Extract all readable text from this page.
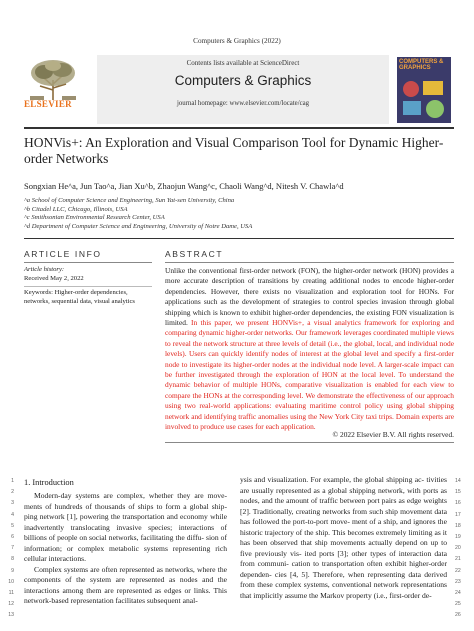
Computers & Graphics (2022)
ELSEVIER
Contents lists available at ScienceDirect
Computers & Graphics
journal homepage: www.elsevier.com/locate/cag
COMPUTERS & GRAPHICS
HONVis+: An Exploration and Visual Comparison Tool for Dynamic Higher-order Networks
Songxian He^a, Jun Tao^a, Jian Xu^b, Zhaojun Wang^c, Chaoli Wang^d, Nitesh V. Chawla^d
^a School of Computer Science and Engineering, Sun Yat-sen University, China
^b Citadel LLC, Chicago, Illinois, USA
^c Smithsonian Environmental Research Center, USA
^d Department of Computer Science and Engineering, University of Notre Dame, USA
ARTICLE INFO	ABSTRACT
Article history:
Received May 2, 2022
Keywords: Higher-order dependencies, networks, sequential data, visual analytics
Unlike the conventional first-order network (FON), the higher-order network (HON) provides a more accurate description of transitions by creating additional nodes to encode higher-order dependencies. However, there exists no visualization and exploration tool for HONs. For applications such as the development of strategies to control species invasion through global shipping which is known to exhibit higher-order dependencies, the existing FON visualization is limited. In this paper, we present HONVis+, a visual analytics framework for exploring and comparing dynamic higher-order networks. Our framework leverages coordinated multiple views to reveal the network structure at three levels of detail (i.e., the global, local, and individual node levels). Users can quickly identify nodes of interest at the global level and specify a first-order node to investigate its higher-order nodes at the individual node level. A larger-scale impact can be further investigated through the exploration of HON at the local level. To understand the dynamic behavior of multiple HONs, comparative visualization is enabled for each view to compare the HONs at the corresponding level. We demonstrate the effectiveness of our approach using two real-world applications: evaluating maritime control policy using global shipping network and identifying traffic anomalies using the New York City taxi trips. Domain experts are involved to produce use cases for each application.
© 2022 Elsevier B.V. All rights reserved.
1. Introduction
1
2
3
4
5
6
7
8
9
10
11
12
13
14
15
16
17
18
19
20
21
22
23
24
25
26

Modern-day systems are complex, whether they are move- ments of hundreds of thousands of ships to form a global ship- ping network [1], powering the transportation and economy while inadvertently translocating invasive species; interactions of billions of people on social networks, facilitating the diffu- sion of information; or complex metabolic systems representing rich cellular interactions.

Complex systems are often represented as networks, where the components of the system are represented as nodes and the interactions among them are represented as edges or links. This network-based representation facilitates subsequent anal-

ysis and visualization. For example, the global shipping ac- tivities are usually represented as a global shipping network, with ports as nodes, and the amount of traffic between port pairs as edge weights [2]. Traditionally, creating networks from such ship movement data has followed the port-to-port move- ment of a ship, and ignores the historic trajectory of the ship. This becomes extremely limiting as it has been observed that ship movements actually depend on up to five previously vis- ited ports [3]; other types of interaction data from communi- cation to transportation often exhibit higher-order dependen- cies [4, 5]. Therefore, when representing data derived from these complex systems, conventional network representations that implicitly assume the Markov property (i.e., first-order de-
